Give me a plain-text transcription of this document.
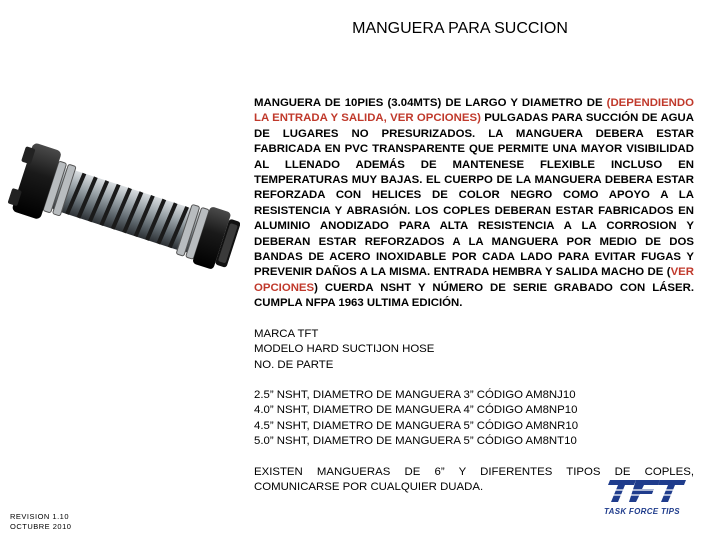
MANGUERA PARA SUCCION

MANGUERA DE 10PIES (3.04MTS) DE LARGO Y DIAMETRO DE (DEPENDIENDO LA ENTRADA Y SALIDA, VER OPCIONES) PULGADAS PARA SUCCIÓN DE AGUA DE LUGARES NO PRESURIZADOS. LA MANGUERA DEBERA ESTAR FABRICADA EN PVC TRANSPARENTE QUE PERMITE UNA MAYOR VISIBILIDAD AL LLENADO ADEMÁS DE MANTENESE FLEXIBLE INCLUSO EN TEMPERATURAS MUY BAJAS. EL CUERPO DE LA MANGUERA DEBERA ESTAR REFORZADA CON HELICES DE COLOR NEGRO COMO APOYO A LA RESISTENCIA Y ABRASIÓN. LOS COPLES DEBERAN ESTAR FABRICADOS EN ALUMINIO ANODIZADO PARA ALTA RESISTENCIA A LA CORROSION Y DEBERAN ESTAR REFORZADOS A LA MANGUERA POR MEDIO DE DOS BANDAS DE ACERO INOXIDABLE POR CADA LADO PARA EVITAR FUGAS Y PREVENIR DAÑOS A LA MISMA. ENTRADA HEMBRA Y SALIDA MACHO DE (VER OPCIONES) CUERDA NSHT Y NÚMERO DE SERIE GRABADO CON LÁSER. CUMPLA NFPA 1963 ULTIMA EDICIÓN.

MARCA TFT

MODELO HARD SUCTIJON HOSE

NO. DE PARTE

2.5” NSHT, DIAMETRO DE MANGUERA 3” CÓDIGO AM8NJ10

4.0” NSHT, DIAMETRO DE MANGUERA 4” CÓDIGO AM8NP10

4.5” NSHT, DIAMETRO DE MANGUERA 5” CÓDIGO AM8NR10

5.0” NSHT, DIAMETRO DE MANGUERA 5” CÓDIGO AM8NT10

EXISTEN MANGUERAS DE 6” Y DIFERENTES TIPOS DE COPLES, COMUNICARSE POR CUALQUIER DUADA.

TASK FORCE TIPS
REVISION 1.10
OCTUBRE 2010
